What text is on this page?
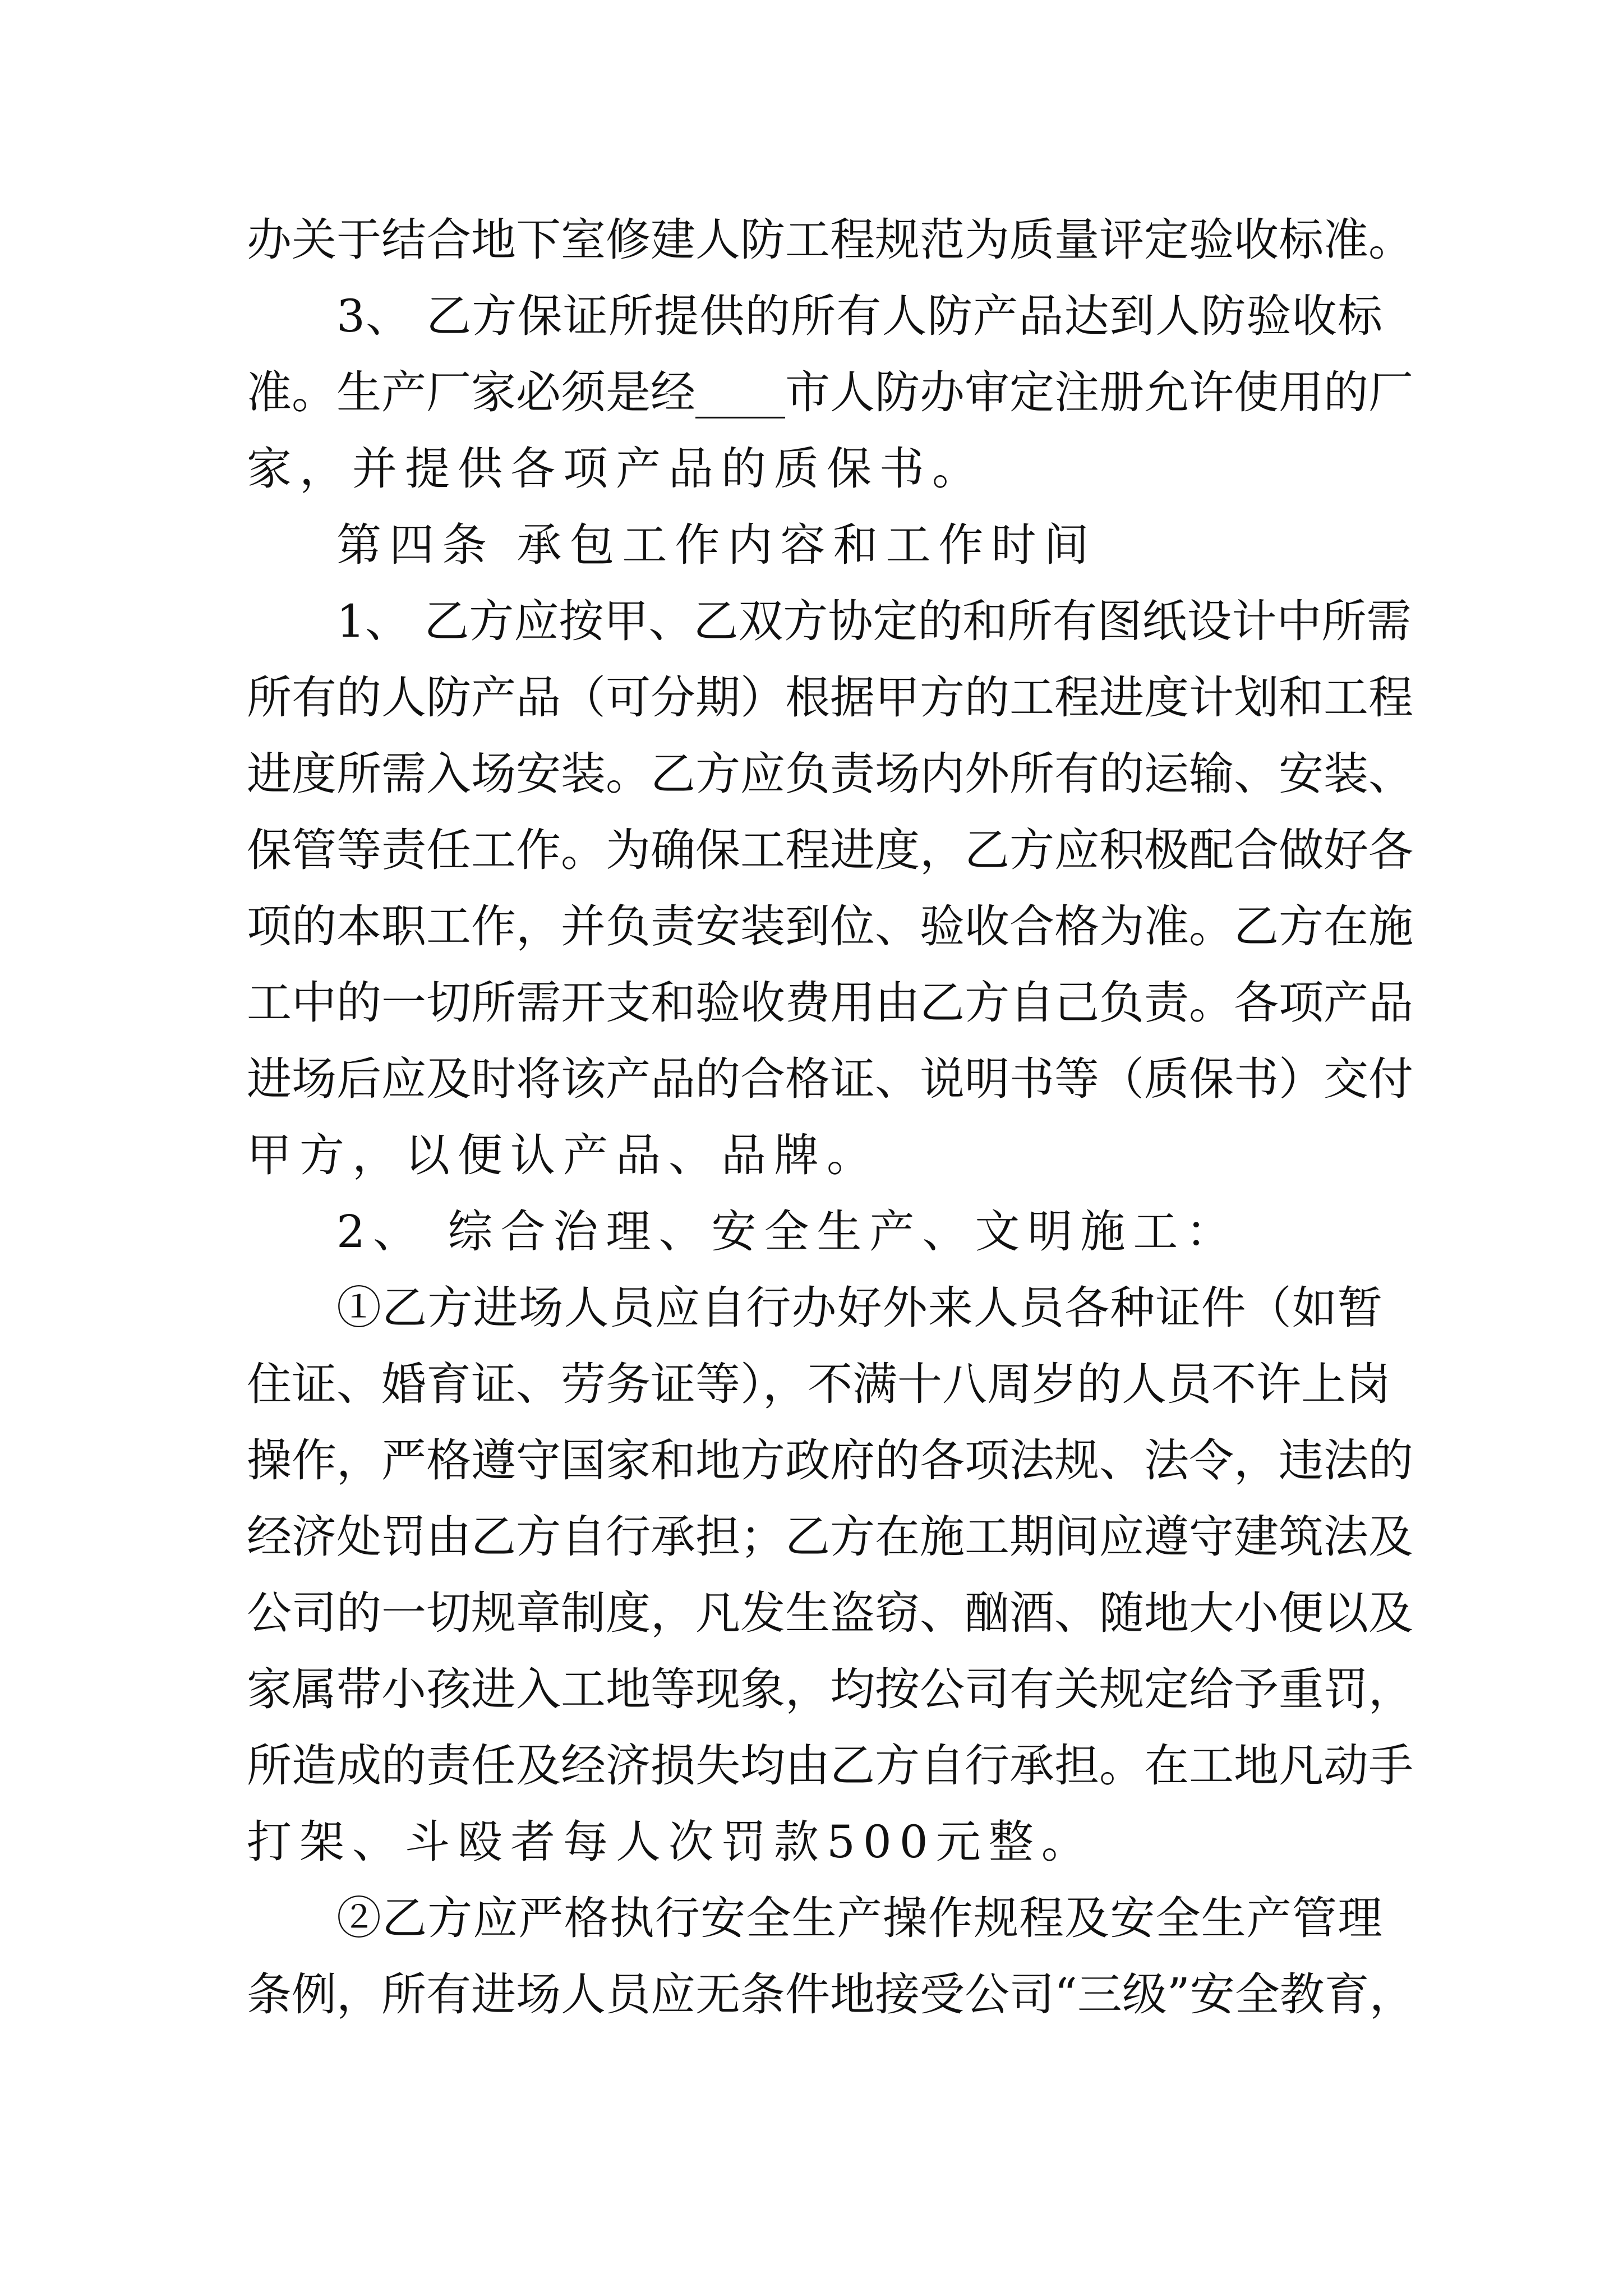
办关于结合地下室修建人防工程规范为质量评定验收标准。
3、 乙方保证所提供的所有人防产品达到人防验收标
准。生产厂家必须是经____市人防办审定注册允许使用的厂
家，并提供各项产品的质保书。
第四条 承包工作内容和工作时间
1、 乙方应按甲、乙双方协定的和所有图纸设计中所需
所有的人防产品（可分期）根据甲方的工程进度计划和工程
进度所需入场安装。乙方应负责场内外所有的运输、安装、
保管等责任工作。为确保工程进度，乙方应积极配合做好各
项的本职工作，并负责安装到位、验收合格为准。乙方在施
工中的一切所需开支和验收费用由乙方自己负责。各项产品
进场后应及时将该产品的合格证、说明书等（质保书）交付
甲方，以便认产品、品牌。
2、 综合治理、安全生产、文明施工：
①乙方进场人员应自行办好外来人员各种证件（如暂
住证、婚育证、劳务证等），不满十八周岁的人员不许上岗
操作，严格遵守国家和地方政府的各项法规、法令，违法的
经济处罚由乙方自行承担；乙方在施工期间应遵守建筑法及
公司的一切规章制度，凡发生盗窃、酗酒、随地大小便以及
家属带小孩进入工地等现象，均按公司有关规定给予重罚，
所造成的责任及经济损失均由乙方自行承担。在工地凡动手
打架、斗殴者每人次罚款500元整。
②乙方应严格执行安全生产操作规程及安全生产管理
条例，所有进场人员应无条件地接受公司“三级”安全教育，
